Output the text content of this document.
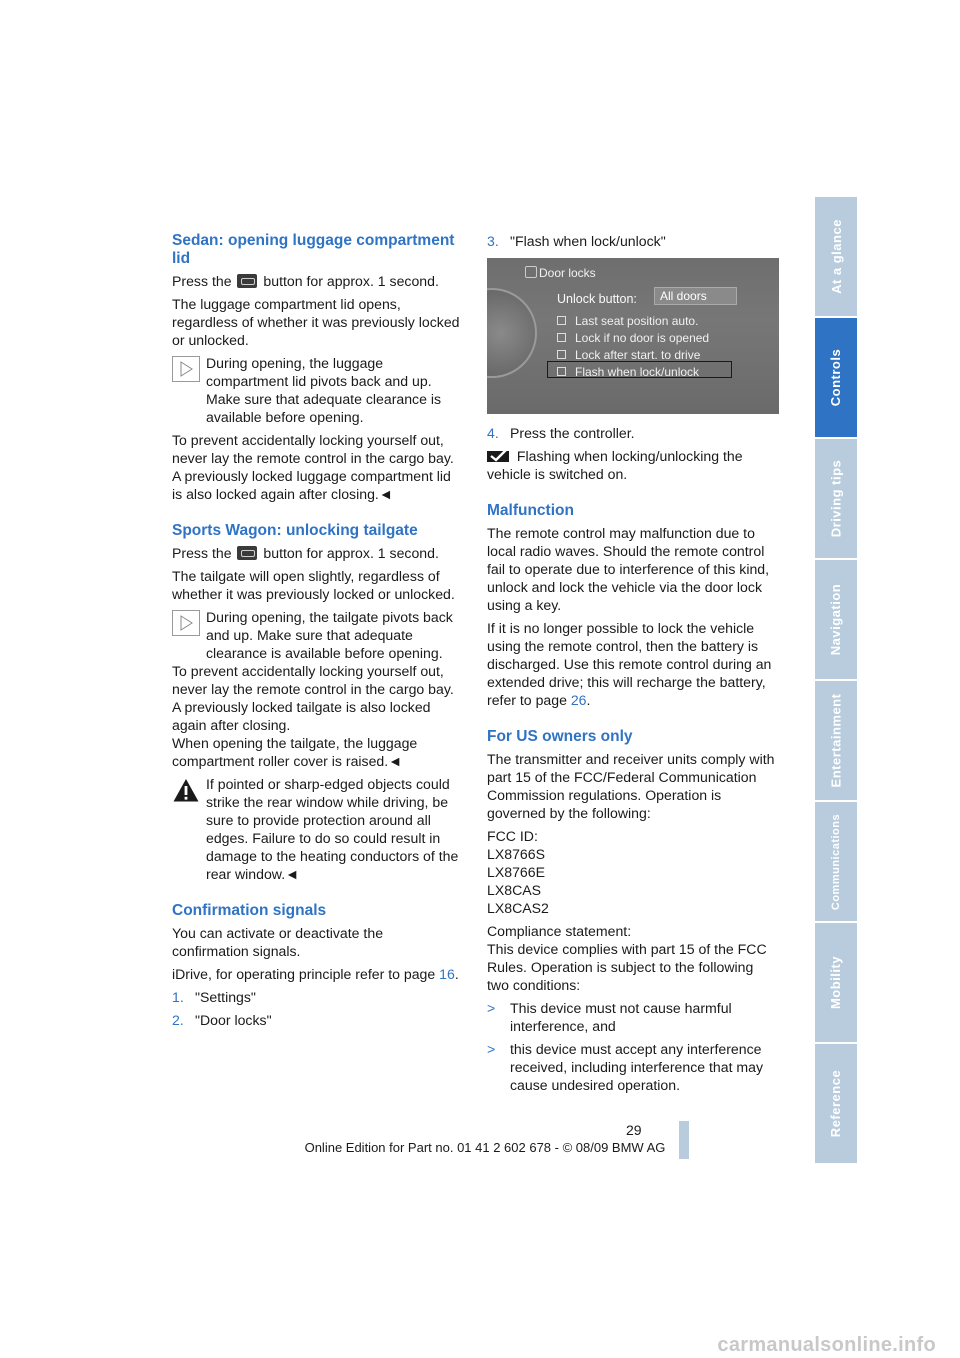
Sedan: opening luggage compartment lid

Press the button for approx. 1 second.

The luggage compartment lid opens, regardless of whether it was previously locked or unlocked.

During opening, the luggage compartment lid pivots back and up. Make sure that adequate clearance is available before opening.

To prevent accidentally locking yourself out, never lay the remote control in the cargo bay. A previously locked luggage compartment lid is also locked again after closing.◄

Sports Wagon: unlocking tailgate

Press the button for approx. 1 second.

The tailgate will open slightly, regardless of whether it was previously locked or unlocked.

During opening, the tailgate pivots back and up. Make sure that adequate clearance is available before opening.

To prevent accidentally locking yourself out, never lay the remote control in the cargo bay. A previously locked tailgate is also locked again after closing.

When opening the tailgate, the luggage compartment roller cover is raised.◄

If pointed or sharp-edged objects could strike the rear window while driving, be sure to provide protection around all edges. Failure to do so could result in damage to the heating conductors of the rear window.◄

Confirmation signals

You can activate or deactivate the confirmation signals.

iDrive, for operating principle refer to page 16.

1. "Settings"
2. "Door locks"
3. "Flash when lock/unlock"
Door locks
Unlock button:	All doors
Last seat position auto.
Lock if no door is opened
Lock after start. to drive
Flash when lock/unlock
4. Press the controller.

Flashing when locking/unlocking the vehicle is switched on.

Malfunction

The remote control may malfunction due to local radio waves. Should the remote control fail to operate due to interference of this kind, unlock and lock the vehicle via the door lock using a key.

If it is no longer possible to lock the vehicle using the remote control, then the battery is discharged. Use this remote control during an extended drive; this will recharge the battery, refer to page 26.

For US owners only

The transmitter and receiver units comply with part 15 of the FCC/Federal Communication Commission regulations. Operation is governed by the following:

FCC ID:
LX8766S
LX8766E
LX8CAS
LX8CAS2

Compliance statement:
This device complies with part 15 of the FCC Rules. Operation is subject to the following two conditions:

>	This device must not cause harmful interference, and
>	this device must accept any interference received, including interference that may cause undesired operation.
At a glance
Controls
Driving tips
Navigation
Entertainment
Communications
Mobility
Reference
29
Online Edition for Part no. 01 41 2 602 678 - © 08/09 BMW AG
carmanualsonline.info
